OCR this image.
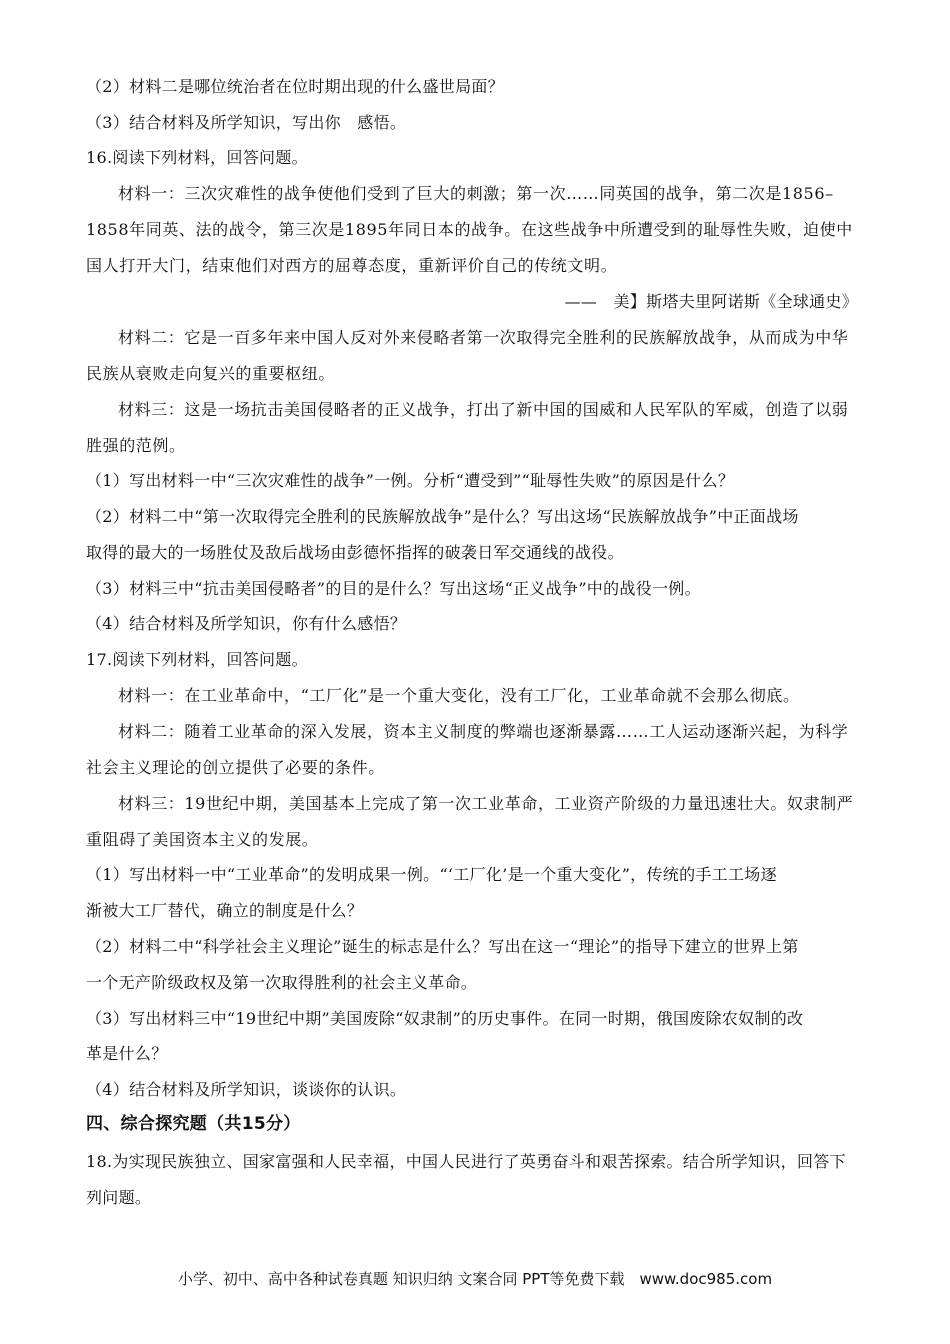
（2）材料二是哪位统治者在位时期出现的什么盛世局面？
（3）结合材料及所学知识，写出你　感悟。
16.阅读下列材料，回答问题。
材料一：三次灾难性的战争使他们受到了巨大的刺激；第一次……同英国的战争，第二次是1856–
1858年同英、法的战令，第三次是1895年同日本的战争。在这些战争中所遭受到的耻辱性失败，迫使中
国人打开大门，结束他们对西方的屈尊态度，重新评价自己的传统文明。
——　美】斯塔夫里阿诺斯《全球通史》
材料二：它是一百多年来中国人反对外来侵略者第一次取得完全胜利的民族解放战争，从而成为中华
民族从衰败走向复兴的重要枢纽。
材料三：这是一场抗击美国侵略者的正义战争，打出了新中国的国威和人民军队的军威，创造了以弱
胜强的范例。
（1）写出材料一中“三次灾难性的战争”一例。分析“遭受到”“耻辱性失败”的原因是什么？
（2）材料二中“第一次取得完全胜利的民族解放战争”是什么？写出这场“民族解放战争”中正面战场
取得的最大的一场胜仗及敌后战场由彭德怀指挥的破袭日军交通线的战役。
（3）材料三中“抗击美国侵略者”的目的是什么？写出这场“正义战争”中的战役一例。
（4）结合材料及所学知识，你有什么感悟？
17.阅读下列材料，回答问题。
材料一：在工业革命中，“工厂化”是一个重大变化，没有工厂化，工业革命就不会那么彻底。
材料二：随着工业革命的深入发展，资本主义制度的弊端也逐渐暴露……工人运动逐渐兴起，为科学
社会主义理论的创立提供了必要的条件。
材料三：19世纪中期，美国基本上完成了第一次工业革命，工业资产阶级的力量迅速壮大。奴隶制严
重阻碍了美国资本主义的发展。
（1）写出材料一中“工业革命”的发明成果一例。“‘工厂化’是一个重大变化”，传统的手工工场逐
渐被大工厂替代，确立的制度是什么？
（2）材料二中“科学社会主义理论”诞生的标志是什么？写出在这一“理论”的指导下建立的世界上第
一个无产阶级政权及第一次取得胜利的社会主义革命。
（3）写出材料三中“19世纪中期”美国废除“奴隶制”的历史事件。在同一时期，俄国废除农奴制的改
革是什么？
（4）结合材料及所学知识，谈谈你的认识。
四、综合探究题（共15分）
18.为实现民族独立、国家富强和人民幸福，中国人民进行了英勇奋斗和艰苦探索。结合所学知识，回答下
列问题。
小学、初中、高中各种试卷真题 知识归纳 文案合同 PPT等免费下载　www.doc985.com
